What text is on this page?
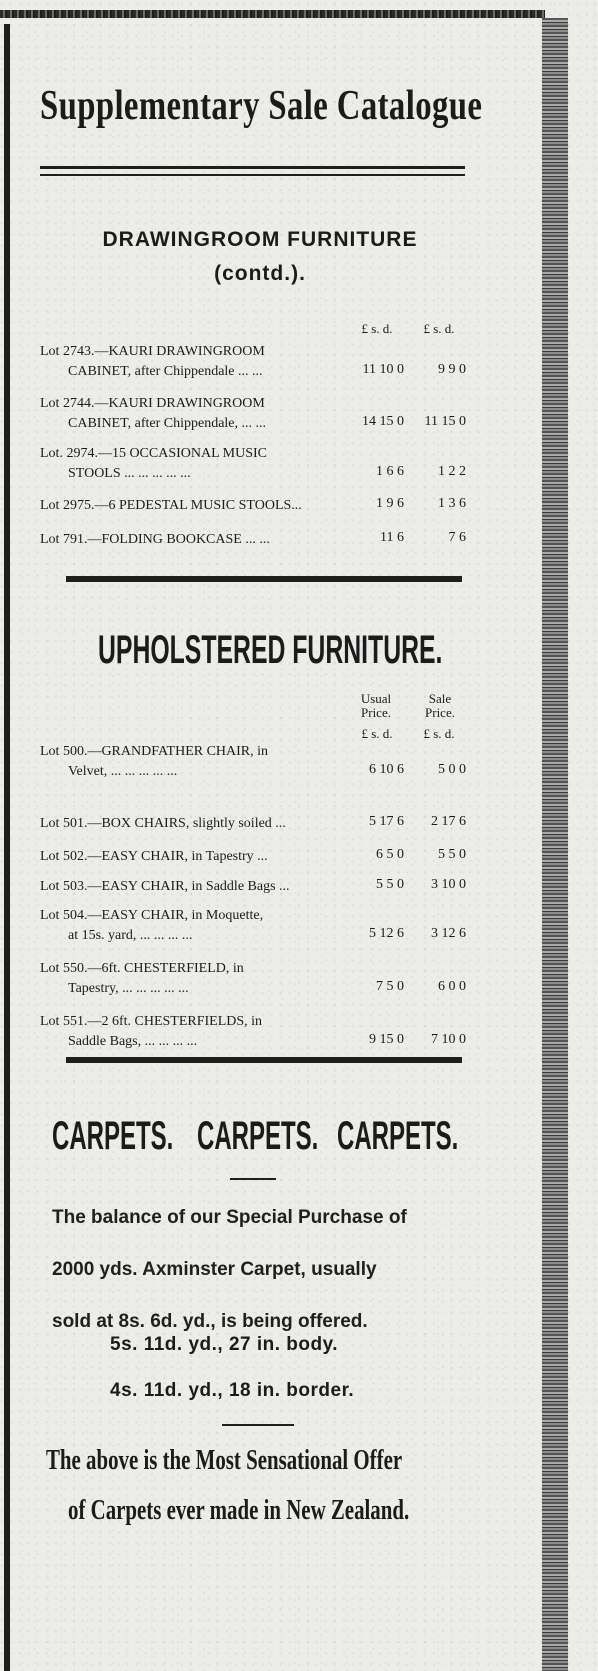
Supplementary Sale Catalogue
DRAWINGROOM FURNITURE
(contd.).
£ s. d.	£ s. d.
Lot 2743.—KAURI DRAWINGROOM
CABINET, after Chippendale ... ...	11 10 0	9 9 0
Lot 2744.—KAURI DRAWINGROOM
CABINET, after Chippendale, ... ...	14 15 0	11 15 0
Lot. 2974.—15 OCCASIONAL MUSIC
STOOLS ... ... ... ... ...	1 6 6	1 2 2
Lot 2975.—6 PEDESTAL MUSIC STOOLS...	1 9 6	1 3 6
Lot 791.—FOLDING BOOKCASE ... ...	11 6	7 6
UPHOLSTERED FURNITURE.
Usual Price.
Sale Price.
£ s. d.	£ s. d.
Lot 500.—GRANDFATHER CHAIR, in
Velvet, ... ... ... ... ...	6 10 6	5 0 0
Lot 501.—BOX CHAIRS, slightly soiled ...	5 17 6	2 17 6
Lot 502.—EASY CHAIR, in Tapestry ...	6 5 0	5 5 0
Lot 503.—EASY CHAIR, in Saddle Bags ...	5 5 0	3 10 0
Lot 504.—EASY CHAIR, in Moquette,
at 15s. yard, ... ... ... ...	5 12 6	3 12 6
Lot 550.—6ft. CHESTERFIELD, in
Tapestry, ... ... ... ... ...	7 5 0	6 0 0
Lot 551.—2 6ft. CHESTERFIELDS, in
Saddle Bags, ... ... ... ...	9 15 0	7 10 0
CARPETS. CARPETS. CARPETS.
The balance of our Special Purchase of
2000 yds. Axminster Carpet, usually
sold at 8s. 6d. yd., is being offered.
5s. 11d. yd., 27 in. body.
4s. 11d. yd., 18 in. border.
The above is the Most Sensational Offer
of Carpets ever made in New Zealand.
